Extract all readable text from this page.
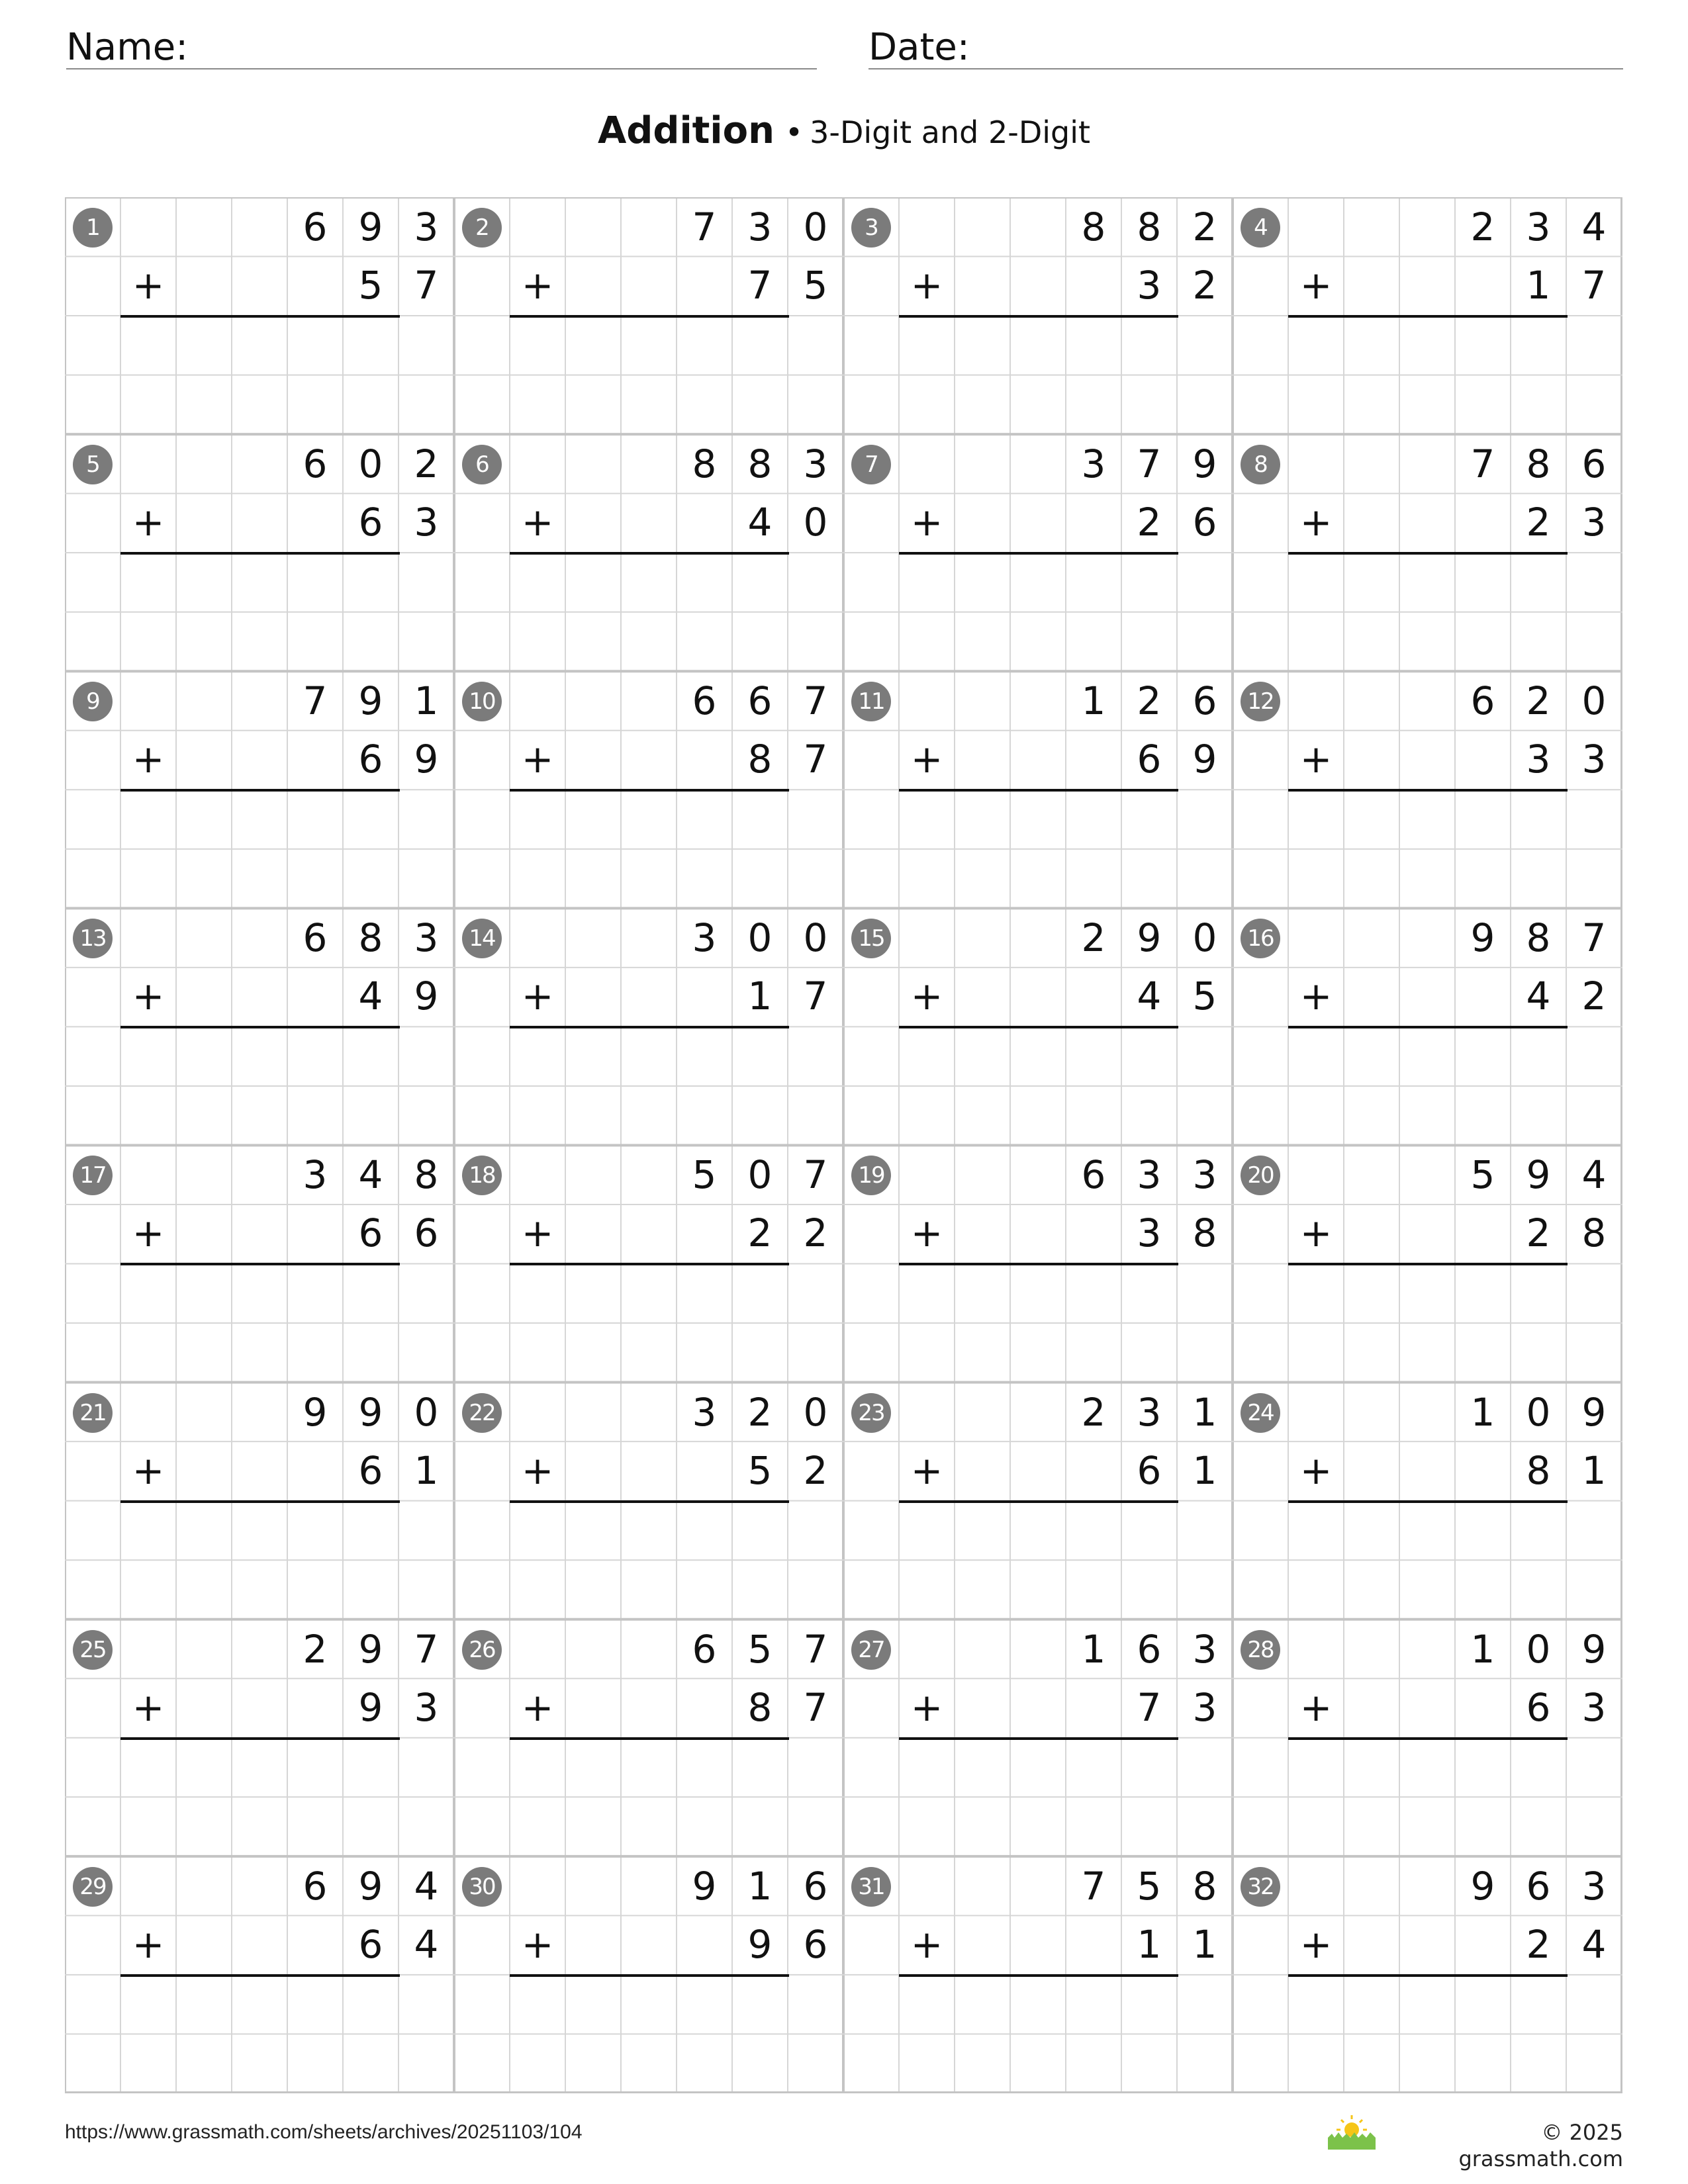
Name:	Date:
Addition • 3-Digit and 2-Digit
1	6 9 3
+	5 7
2	7 3 0
+	7 5
3	8 8 2
+	3 2
4	2 3 4
+	1 7
5	6 0 2
+	6 3
6	8 8 3
+	4 0
7	3 7 9
+	2 6
8	7 8 6
+	2 3
9	7 9 1
+	6 9
10	6 6 7
+	8 7
11	1 2 6
+	6 9
12	6 2 0
+	3 3
13	6 8 3
+	4 9
14	3 0 0
+	1 7
15	2 9 0
+	4 5
16	9 8 7
+	4 2
17	3 4 8
+	6 6
18	5 0 7
+	2 2
19	6 3 3
+	3 8
20	5 9 4
+	2 8
21	9 9 0
+	6 1
22	3 2 0
+	5 2
23	2 3 1
+	6 1
24	1 0 9
+	8 1
25	2 9 7
+	9 3
26	6 5 7
+	8 7
27	1 6 3
+	7 3
28	1 0 9
+	6 3
29	6 9 4
+	6 4
30	9 1 6
+	9 6
31	7 5 8
+	1 1
32	9 6 3
+	2 4
https://www.grassmath.com/sheets/archives/20251103/104	© 2025 grassmath.com
